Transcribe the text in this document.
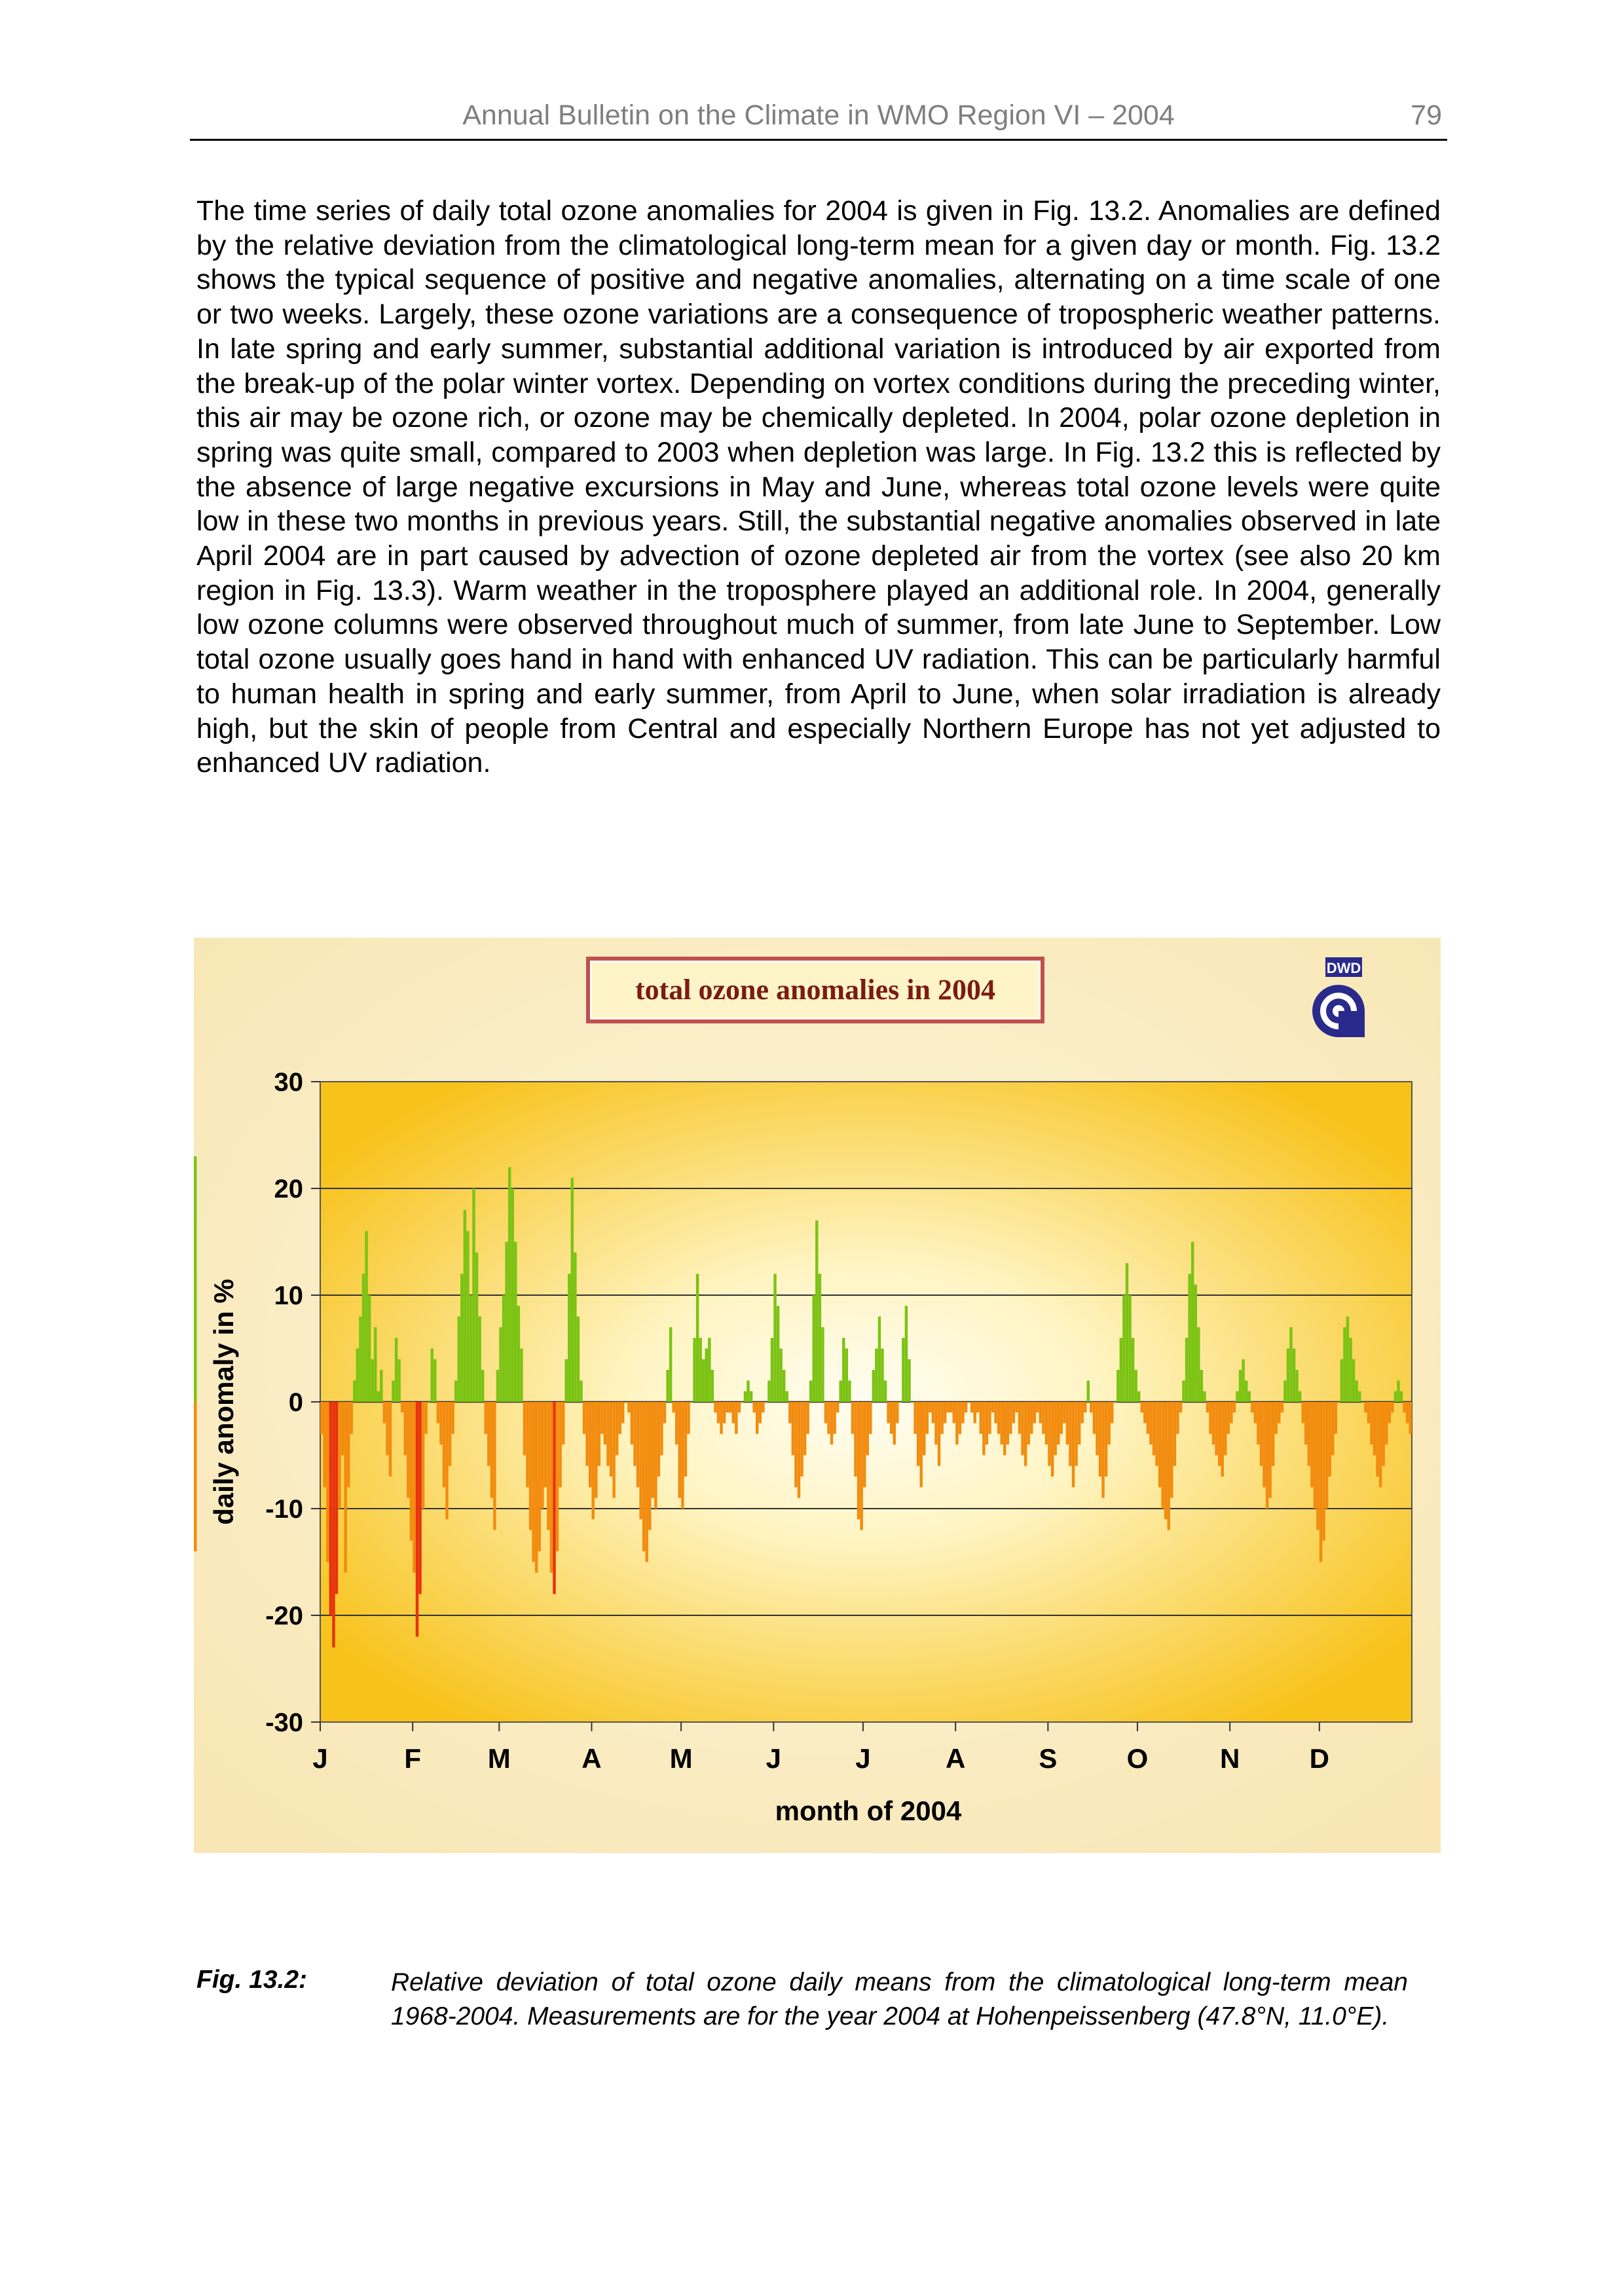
Annual Bulletin on the Climate in WMO Region VI – 2004	79

The time series of daily total ozone anomalies for 2004 is given in Fig. 13.2. Anomalies are defined by the relative deviation from the climatological long-term mean for a given day or month. Fig. 13.2 shows the typical sequence of positive and negative anomalies, alternating on a time scale of one or two weeks. Largely, these ozone variations are a consequence of tropospheric weather patterns. In late spring and early summer, substantial additional variation is introduced by air exported from the break-up of the polar winter vortex. Depending on vortex conditions during the preceding winter, this air may be ozone rich, or ozone may be chemically depleted. In 2004, polar ozone depletion in spring was quite small, compared to 2003 when depletion was large. In Fig. 13.2 this is reflected by the absence of large negative excursions in May and June, whereas total ozone levels were quite low in these two months in previous years. Still, the substantial negative anomalies observed in late April 2004 are in part caused by advection of ozone depleted air from the vortex (see also 20 km region in Fig. 13.3). Warm weather in the troposphere played an additional role. In 2004, generally low ozone columns were observed throughout much of summer, from late June to September. Low total ozone usually goes hand in hand with enhanced UV radiation. This can be particularly harmful to human health in spring and early summer, from April to June, when solar irradiation is already high, but the skin of people from Central and especially Northern Europe has not yet adjusted to enhanced UV radiation.

30
20
10
0
-10
-20
-30
J	F M	A M	J	J	A	S	O	N	D
total ozone anomalies in 2004
daily anomaly in %
month of 2004
DWD
Fig. 13.2:	Relative deviation of total ozone daily means from the climatological long-term mean 1968-2004. Measurements are for the year 2004 at Hohenpeissenberg (47.8°N, 11.0°E).
